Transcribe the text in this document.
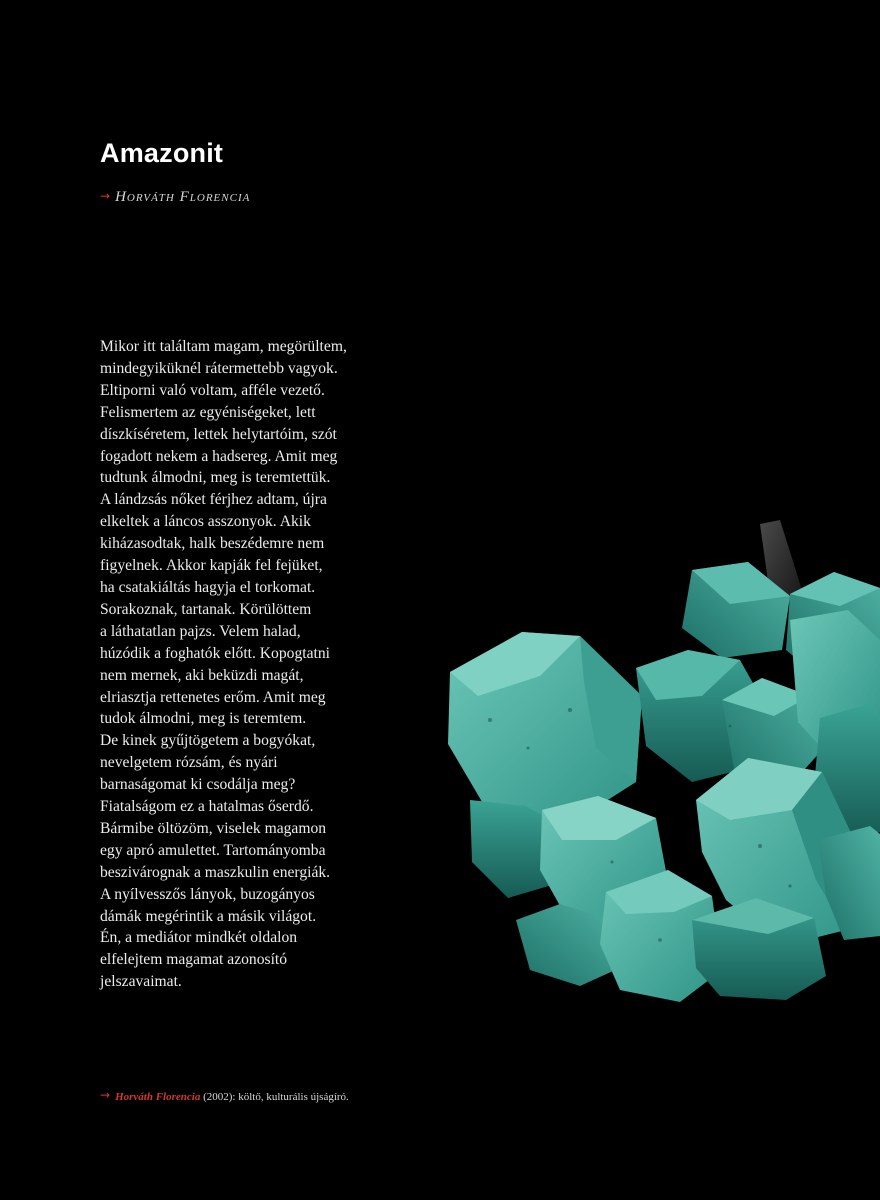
Amazonit
→ Horváth Florencia
Mikor itt találtam magam, megörültem,
mindegyiküknél rátermettebb vagyok.
Eltiporni való voltam, afféle vezető.
Felismertem az egyéniségeket, lett
díszkíséretem, lettek helytartóim, szót
fogadott nekem a hadsereg. Amit meg
tudtunk álmodni, meg is teremtettük.
A lándzsás nőket férjhez adtam, újra
elkeltek a láncos asszonyok. Akik
kiházasodtak, halk beszédemre nem
figyelnek. Akkor kapják fel fejüket,
ha csatakiáltás hagyja el torkomat.
Sorakoznak, tartanak. Körülöttem
a láthatatlan pajzs. Velem halad,
húzódik a foghatók előtt. Kopogtatni
nem mernek, aki beküzdi magát,
elriasztja rettenetes erőm. Amit meg
tudok álmodni, meg is teremtem.
De kinek gyűjtögetem a bogyókat,
nevelgetem rózsám, és nyári
barnaságomat ki csodálja meg?
Fiatalságom ez a hatalmas őserdő.
Bármibe öltözöm, viselek magamon
egy apró amulettet. Tartományomba
beszivárognak a maszkulin energiák.
A nyílvesszős lányok, buzogányos
dámák megérintik a másik világot.
Én, a mediátor mindkét oldalon
elfelejtem magamat azonosító
jelszavaimat.
→ Horváth Florencia (2002): költő, kulturális újságíró.
